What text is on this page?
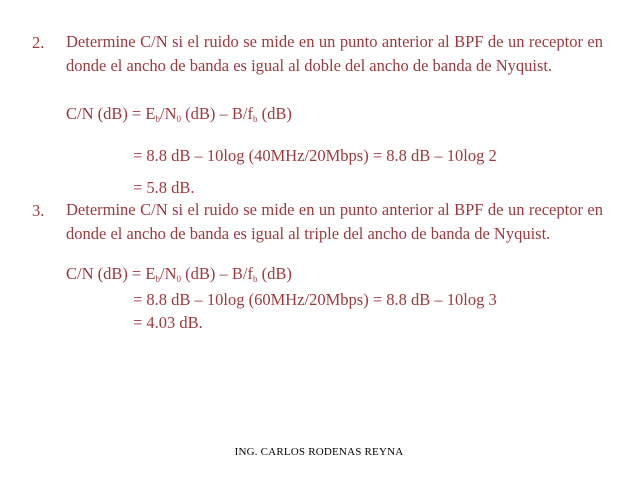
2.	Determine C/N si el ruido se mide en un punto anterior al BPF de un receptor en donde el ancho de banda es igual al doble del ancho de banda de Nyquist.
C/N $(dB) = E_b/N_0$ $(dB) - B/f_b$ (dB)
= 8.8 dB – 10log (40MHz/20Mbps) = 8.8 dB – 10log 2
= 5.8 dB.
3.	Determine C/N si el ruido se mide en un punto anterior al BPF de un receptor en donde el ancho de banda es igual al triple del ancho de banda de Nyquist.
C/N $(dB) = E_b/N_0$ $(dB) - B/f_b$ (dB)
= 8.8 dB – 10log (60MHz/20Mbps) = 8.8 dB – 10log 3
= 4.03 dB.
ING. CARLOS RODENAS REYNA
